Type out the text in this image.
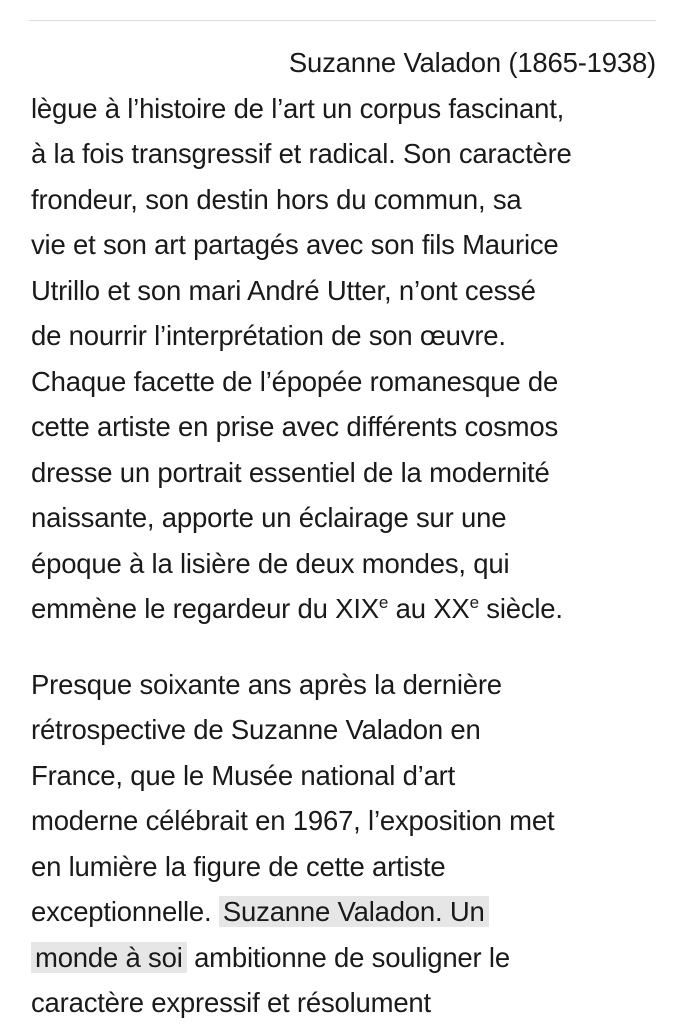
Suzanne Valadon (1865-1938)
lègue à l’histoire de l’art un corpus fascinant,
à la fois transgressif et radical. Son caractère
frondeur, son destin hors du commun, sa
vie et son art partagés avec son fils Maurice
Utrillo et son mari André Utter, n’ont cessé
de nourrir l’interprétation de son œuvre.
Chaque facette de l’épopée romanesque de
cette artiste en prise avec différents cosmos
dresse un portrait essentiel de la modernité
naissante, apporte un éclairage sur une
époque à la lisière de deux mondes, qui
emmène le regardeur du XIXe au XXe siècle.

Presque soixante ans après la dernière
rétrospective de Suzanne Valadon en
France, que le Musée national d’art
moderne célébrait en 1967, l’exposition met
en lumière la figure de cette artiste
exceptionnelle. Suzanne Valadon. Un
monde à soi ambitionne de souligner le
caractère expressif et résolument
